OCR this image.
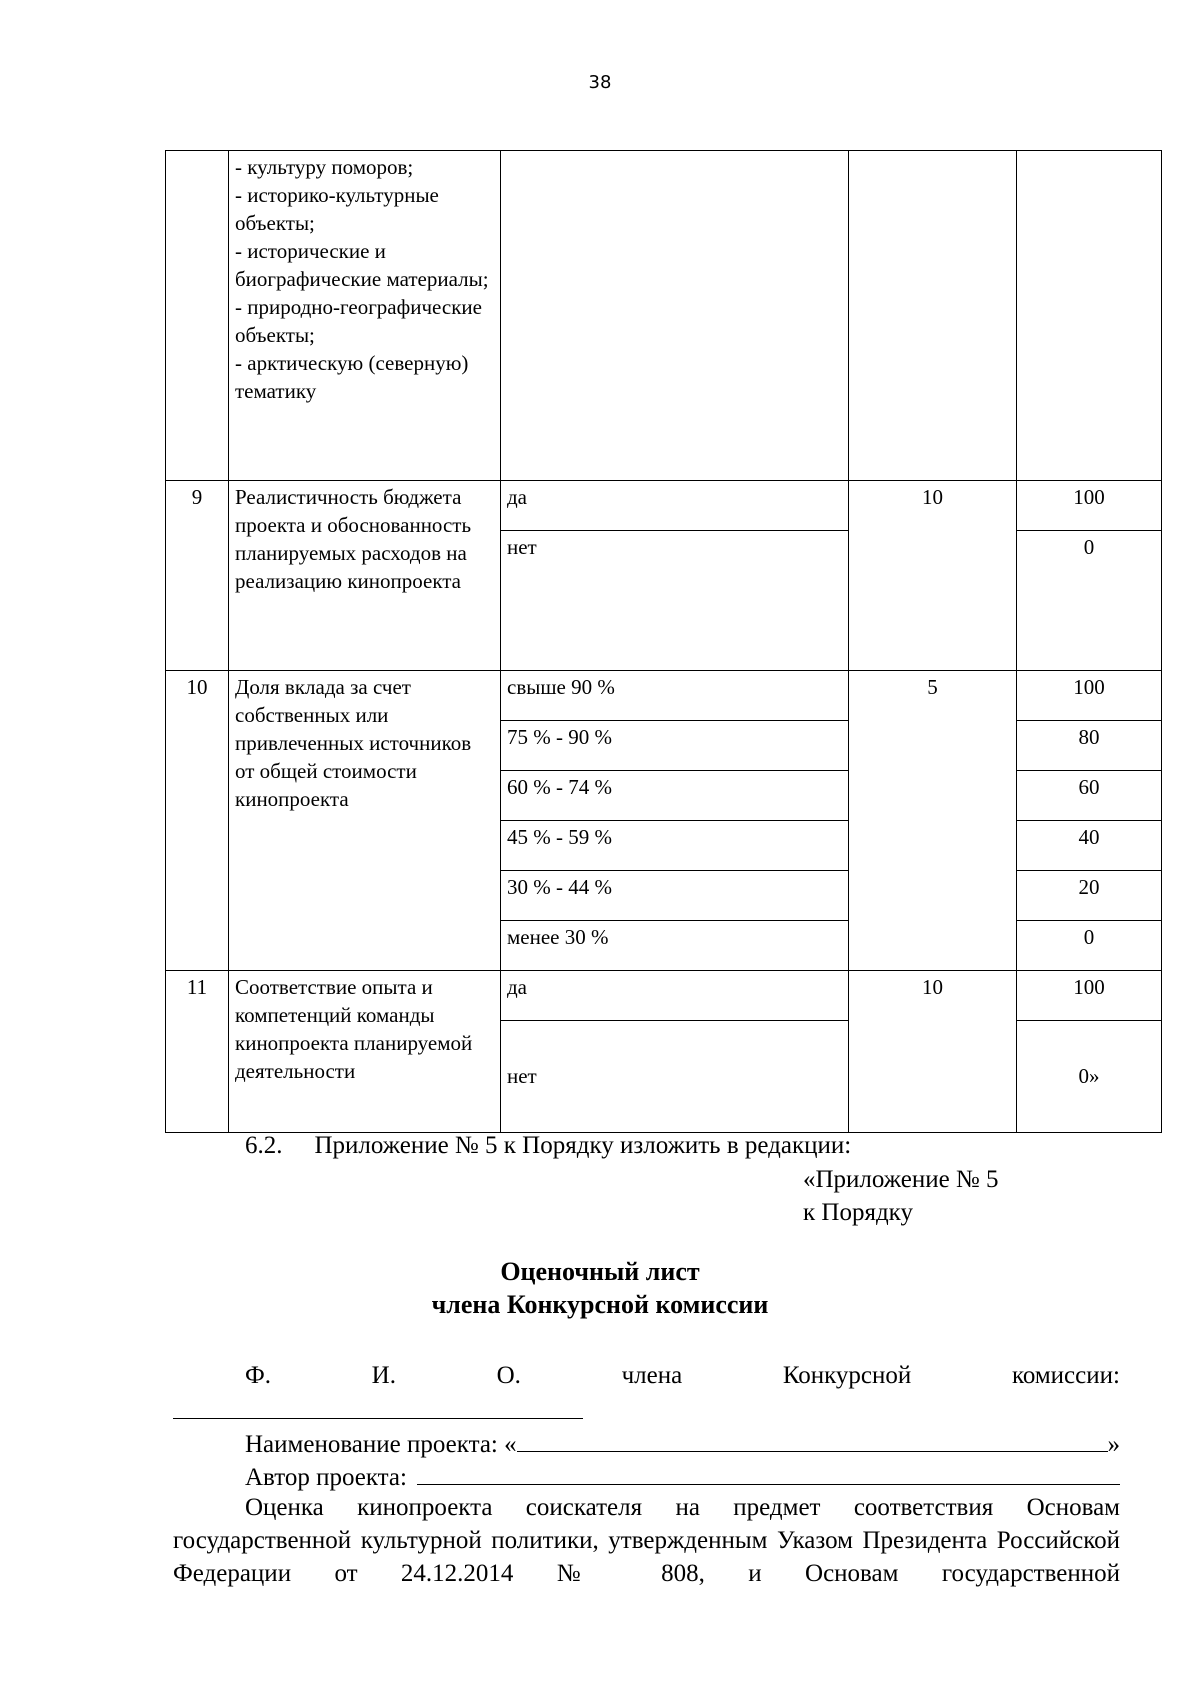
38
	- культуру поморов;
- историко-культурные объекты;
- исторические и биографические материалы;
- природно-географические объекты;
- арктическую (северную) тематику			
9	Реалистичность бюджета проекта и обоснованность планируемых расходов на реализацию кинопроекта	да	10	100
		нет		0
10	Доля вклада за счет собственных или привлеченных источников от общей стоимости кинопроекта	свыше 90 %	5	100
		75 % - 90 %		80
		60 % - 74 %		60
		45 % - 59 %		40
		30 % - 44 %		20
		менее 30 %		0
11	Соответствие опыта и компетенций команды кинопроекта планируемой деятельности	да	10	100
		нет		0»
6.2. Приложение № 5 к Порядку изложить в редакции:
«Приложение № 5
к Порядку
Оценочный лист
члена Конкурсной комиссии
Ф.	И.	О.	члена	Конкурсной	комиссии:
Наименование проекта: «	»
Автор проекта:

Оценка кинопроекта соискателя на предмет соответствия Основам государственной культурной политики, утвержденным Указом Президента Российской Федерации от 24.12.2014 № 808, и Основам государственной
